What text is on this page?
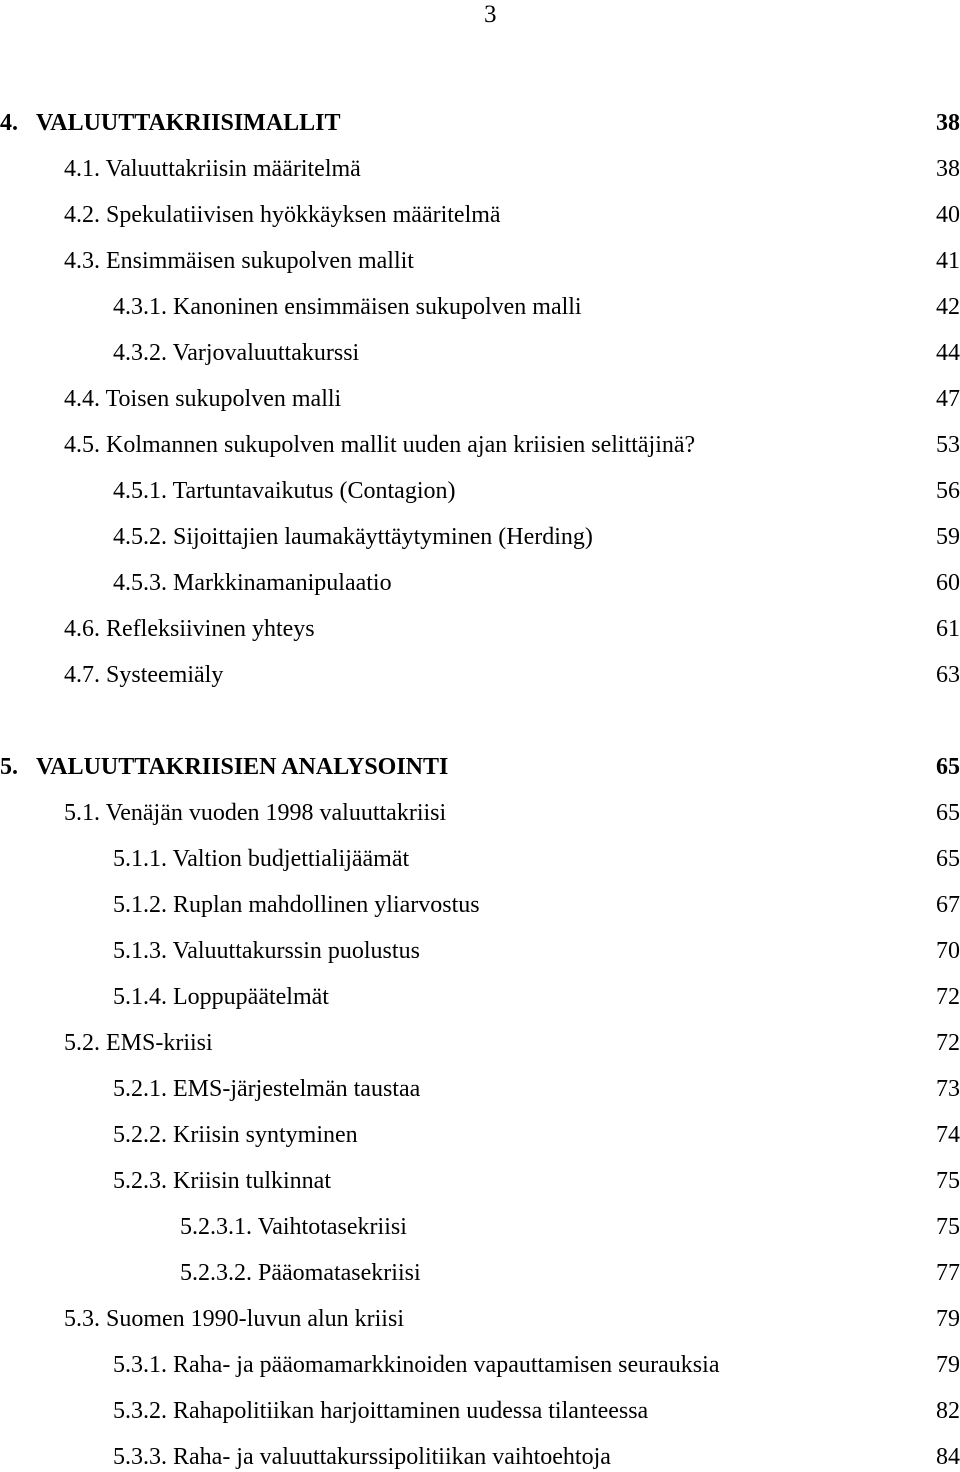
3
4.   VALUUTTAKRIISIMALLIT	38
4.1. Valuuttakriisin määritelmä	38
4.2. Spekulatiivisen hyökkäyksen määritelmä	40
4.3. Ensimmäisen sukupolven mallit	41
4.3.1. Kanoninen ensimmäisen sukupolven malli	42
4.3.2. Varjovaluuttakurssi	44
4.4. Toisen sukupolven malli	47
4.5. Kolmannen sukupolven mallit uuden ajan kriisien selittäjinä?	53
4.5.1. Tartuntavaikutus (Contagion)	56
4.5.2. Sijoittajien laumakäyttäytyminen (Herding)	59
4.5.3. Markkinamanipulaatio	60
4.6. Refleksiivinen yhteys	61
4.7. Systeemiäly	63
5.   VALUUTTAKRIISIEN ANALYSOINTI	65
5.1. Venäjän vuoden 1998 valuuttakriisi	65
5.1.1. Valtion budjettialijäämät	65
5.1.2. Ruplan mahdollinen yliarvostus	67
5.1.3. Valuuttakurssin puolustus	70
5.1.4. Loppupäätelmät	72
5.2. EMS-kriisi	72
5.2.1. EMS-järjestelmän taustaa	73
5.2.2. Kriisin syntyminen	74
5.2.3. Kriisin tulkinnat	75
5.2.3.1. Vaihtotasekriisi	75
5.2.3.2. Pääomatasekriisi	77
5.3. Suomen 1990-luvun alun kriisi	79
5.3.1. Raha- ja pääomamarkkinoiden vapauttamisen seurauksia	79
5.3.2. Rahapolitiikan harjoittaminen uudessa tilanteessa	82
5.3.3. Raha- ja valuuttakurssipolitiikan vaihtoehtoja	84
